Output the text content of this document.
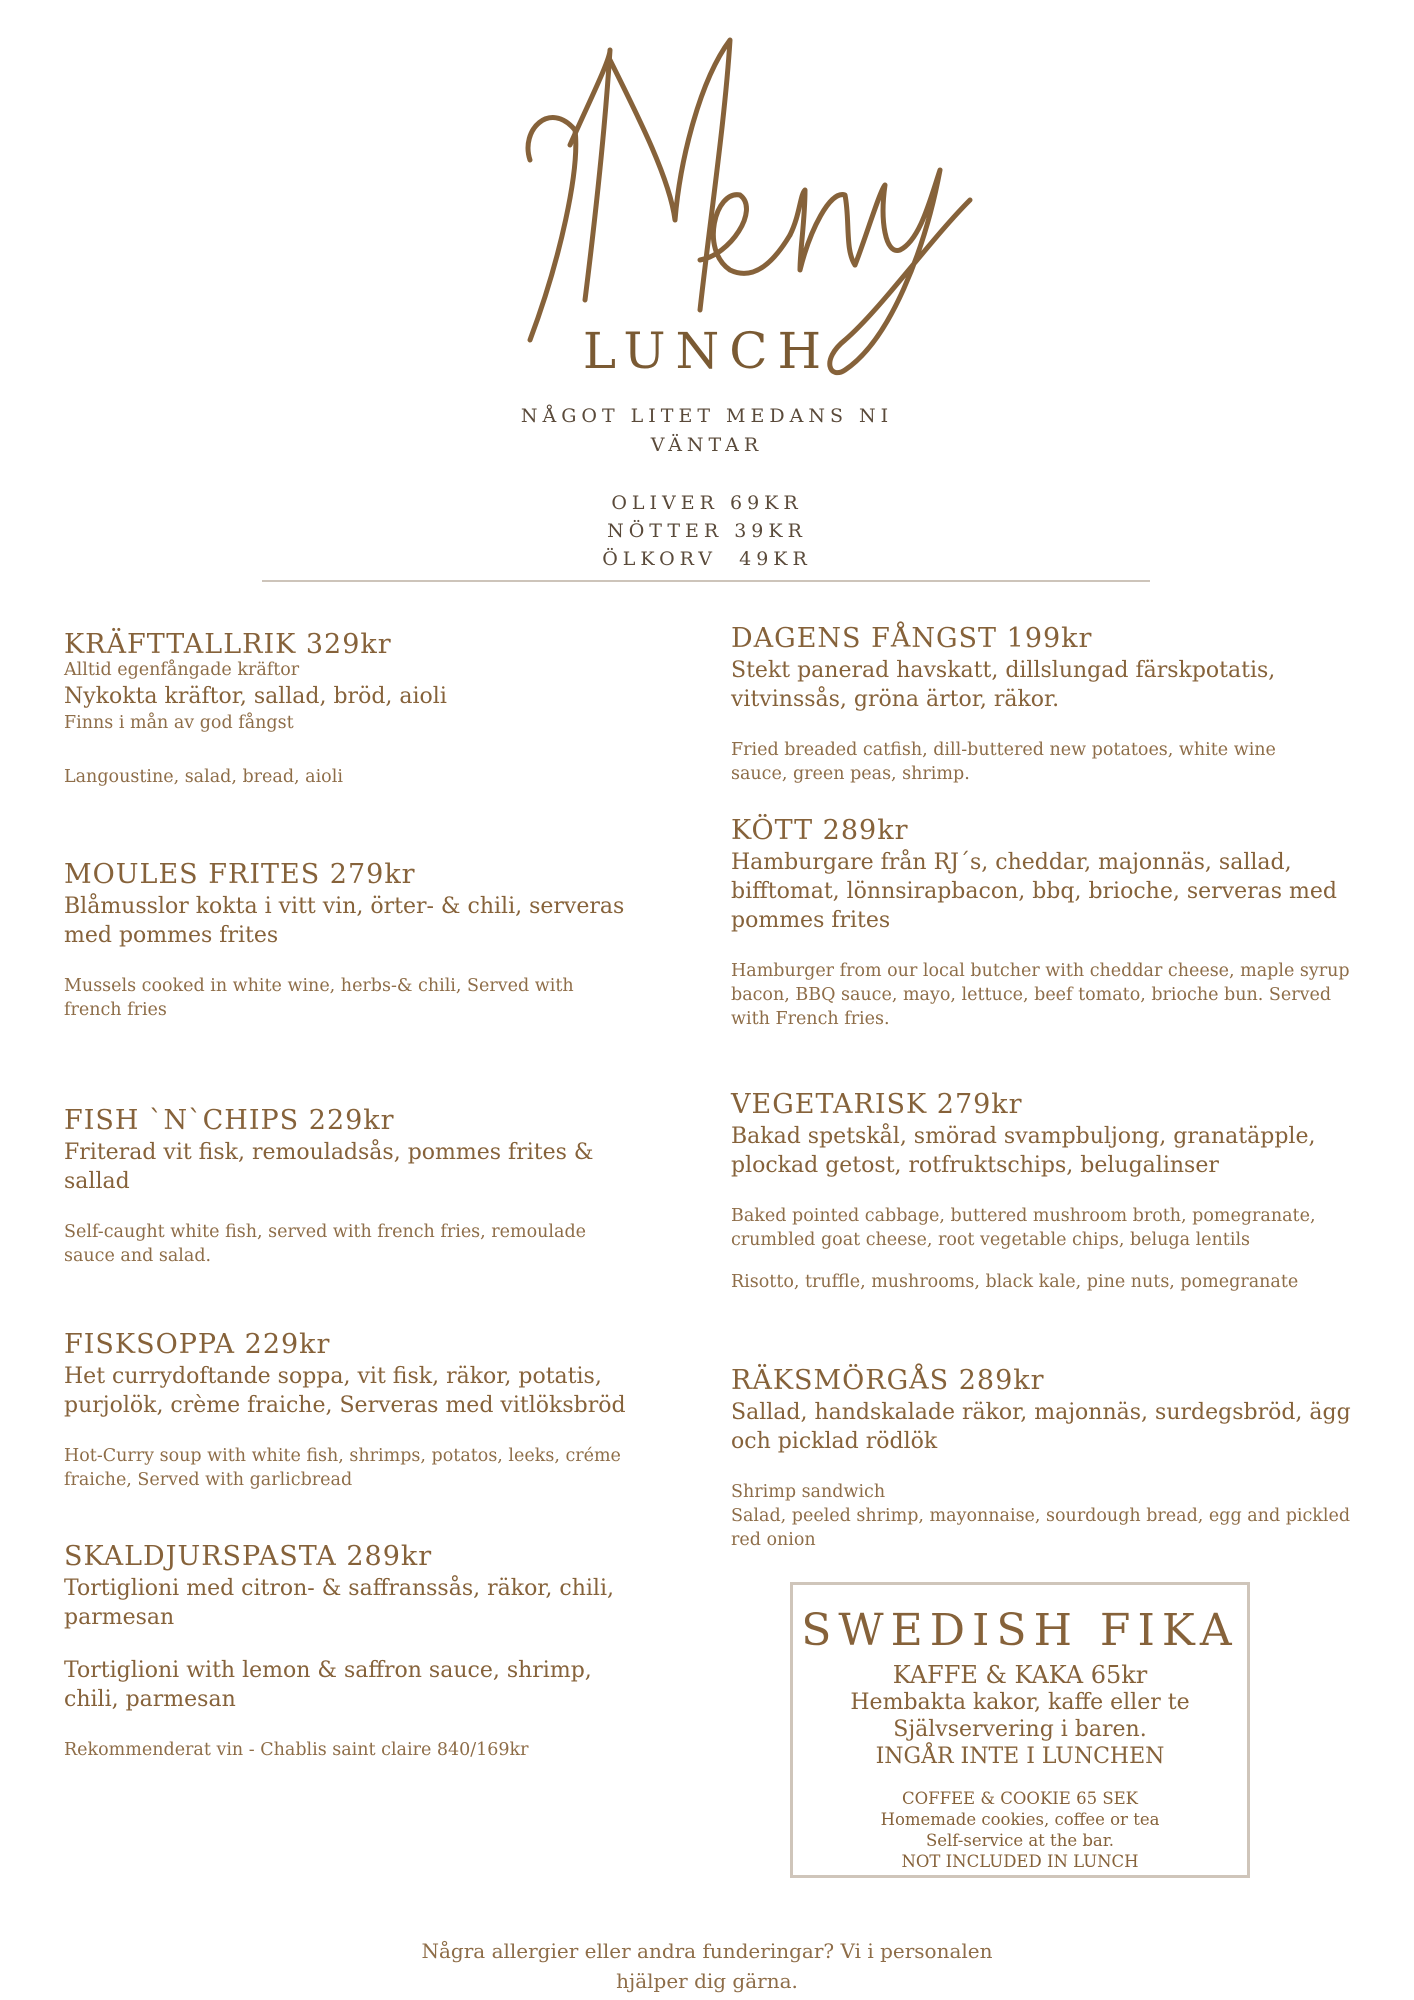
LUNCH
NÅGOT LITET MEDANS NI
VÄNTAR
OLIVER 69KR
NÖTTER 39KR
ÖLKORV  49KR
KRÄFTTALLRIK 329kr
Alltid egenfångade kräftor
Nykokta kräftor, sallad, bröd, aioli
Finns i mån av god fångst
Langoustine, salad, bread, aioli
MOULES FRITES 279kr
Blåmusslor kokta i vitt vin, örter- & chili, serveras med pommes frites
Mussels cooked in white wine, herbs-& chili, Served with french fries
FISH `N`CHIPS 229kr
Friterad vit fisk, remouladsås, pommes frites & sallad
Self-caught white fish, served with french fries, remoulade sauce and salad.
FISKSOPPA 229kr
Het currydoftande soppa, vit fisk, räkor, potatis, purjolök, crème fraiche, Serveras med vitlöksbröd
Hot-Curry soup with white fish, shrimps, potatos, leeks, créme fraiche, Served with garlicbread
SKALDJURSPASTA 289kr
Tortiglioni med citron- & saffranssås, räkor, chili, parmesan
Tortiglioni with lemon & saffron sauce, shrimp, chili, parmesan
Rekommenderat vin - Chablis saint claire 840/169kr
DAGENS FÅNGST 199kr
Stekt panerad havskatt, dillslungad färskpotatis, vitvinssås, gröna ärtor, räkor.
Fried breaded catfish, dill-buttered new potatoes, white wine sauce, green peas, shrimp.
KÖTT 289kr
Hamburgare från RJ´s, cheddar, majonnäs, sallad, bifftomat, lönnsirapbacon, bbq, brioche, serveras med pommes frites
Hamburger from our local butcher with cheddar cheese, maple syrup bacon, BBQ sauce, mayo, lettuce, beef tomato, brioche bun. Served with French fries.
VEGETARISK 279kr
Bakad spetskål, smörad svampbuljong, granatäpple, plockad getost, rotfruktschips, belugalinser
Baked pointed cabbage, buttered mushroom broth, pomegranate, crumbled goat cheese, root vegetable chips, beluga lentils
Risotto, truffle, mushrooms, black kale, pine nuts, pomegranate
RÄKSMÖRGÅS 289kr
Sallad, handskalade räkor, majonnäs, surdegsbröd, ägg och picklad rödlök
Shrimp sandwich
Salad, peeled shrimp, mayonnaise, sourdough bread, egg and pickled red onion
SWEDISH FIKA
KAFFE & KAKA 65kr
Hembakta kakor, kaffe eller te
Självservering i baren.
INGÅR INTE I LUNCHEN
COFFEE & COOKIE 65 SEK
Homemade cookies, coffee or tea
Self-service at the bar.
NOT INCLUDED IN LUNCH
Några allergier eller andra funderingar? Vi i personalen
hjälper dig gärna.
